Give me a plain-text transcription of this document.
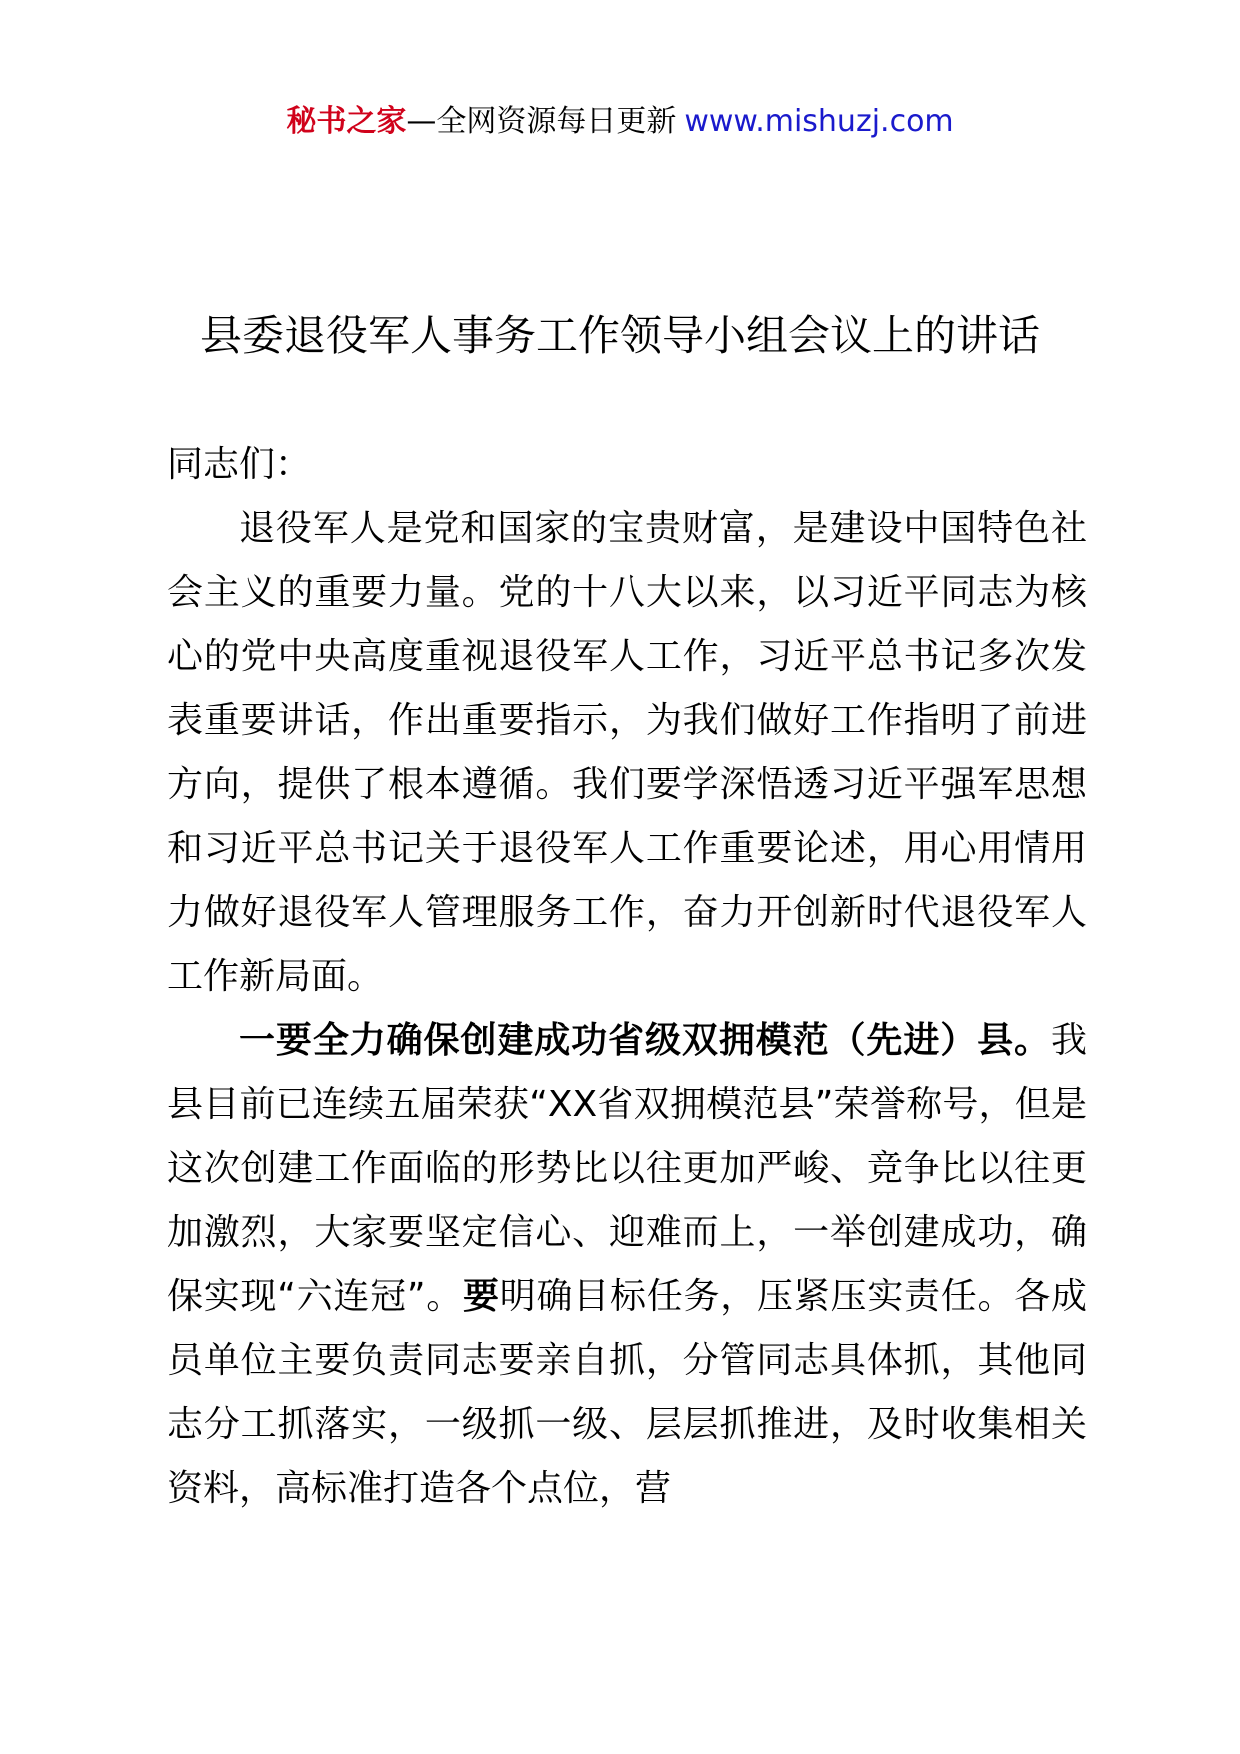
秘书之家—全网资源每日更新 www.mishuzj.com
县委退役军人事务工作领导小组会议上的讲话

同志们：

退役军人是党和国家的宝贵财富，是建设中国特色社会主义的重要力量。党的十八大以来，以习近平同志为核心的党中央高度重视退役军人工作，习近平总书记多次发表重要讲话，作出重要指示，为我们做好工作指明了前进方向，提供了根本遵循。我们要学深悟透习近平强军思想和习近平总书记关于退役军人工作重要论述，用心用情用力做好退役军人管理服务工作，奋力开创新时代退役军人工作新局面。

一要全力确保创建成功省级双拥模范（先进）县。我县目前已连续五届荣获“XX省双拥模范县”荣誉称号，但是这次创建工作面临的形势比以往更加严峻、竞争比以往更加激烈，大家要坚定信心、迎难而上，一举创建成功，确保实现“六连冠”。要明确目标任务，压紧压实责任。各成员单位主要负责同志要亲自抓，分管同志具体抓，其他同志分工抓落实，一级抓一级、层层抓推进，及时收集相关资料，高标准打造各个点位，营
